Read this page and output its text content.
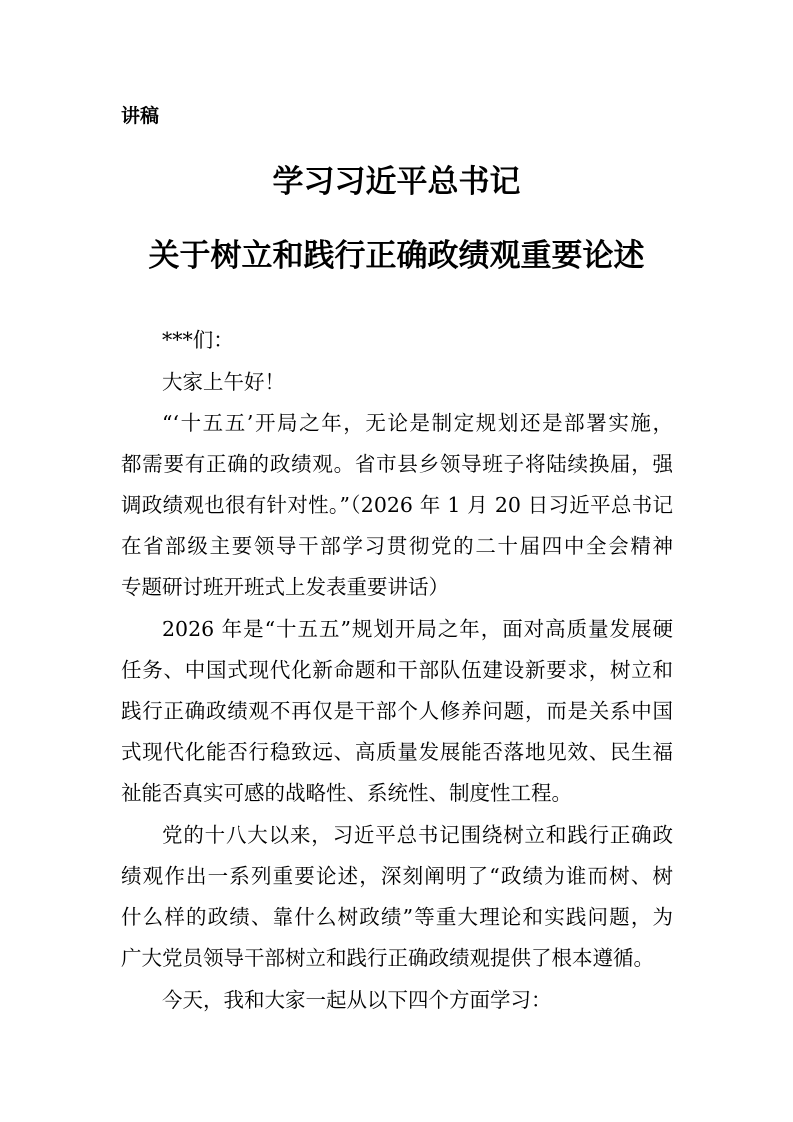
讲稿
学习习近平总书记
关于树立和践行正确政绩观重要论述
***们：
大家上午好！
“‘十五五’开局之年，无论是制定规划还是部署实施，
都需要有正确的政绩观。省市县乡领导班子将陆续换届，强
调政绩观也很有针对性。”（2026 年 1 月 20 日习近平总书记
在省部级主要领导干部学习贯彻党的二十届四中全会精神
专题研讨班开班式上发表重要讲话）
2026 年是“十五五”规划开局之年，面对高质量发展硬
任务、中国式现代化新命题和干部队伍建设新要求，树立和
践行正确政绩观不再仅是干部个人修养问题，而是关系中国
式现代化能否行稳致远、高质量发展能否落地见效、民生福
祉能否真实可感的战略性、系统性、制度性工程。
党的十八大以来，习近平总书记围绕树立和践行正确政
绩观作出一系列重要论述，深刻阐明了“政绩为谁而树、树
什么样的政绩、靠什么树政绩”等重大理论和实践问题，为
广大党员领导干部树立和践行正确政绩观提供了根本遵循。
今天，我和大家一起从以下四个方面学习：
